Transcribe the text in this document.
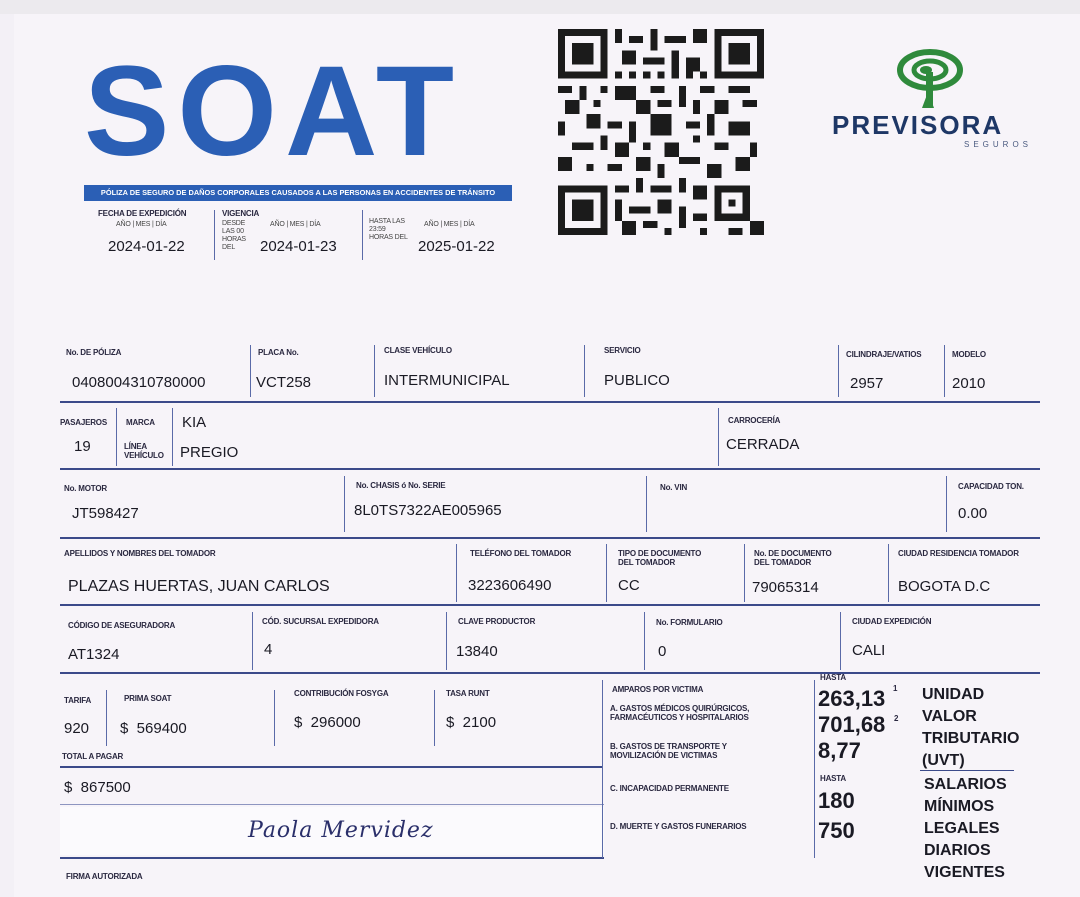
SOAT
PÓLIZA DE SEGURO DE DAÑOS CORPORALES CAUSADOS A LAS PERSONAS EN ACCIDENTES DE TRÁNSITO
FECHA DE EXPEDICIÓN
AÑO | MES | DÍA
2024-01-22
VIGENCIA
DESDE LAS 00 HORAS DEL
AÑO | MES | DÍA
2024-01-23
HASTA LAS 23:59 HORAS DEL
AÑO | MES | DÍA
2025-01-22
PREVISORA
SEGUROS
No. DE PÓLIZA
0408004310780000
PLACA No.
VCT258
CLASE VEHÍCULO
INTERMUNICIPAL
SERVICIO
PUBLICO
CILINDRAJE/VATIOS
2957
MODELO
2010
PASAJEROS
19
MARCA KIA
LÍNEA VEHÍCULO PREGIO
CARROCERÍA
CERRADA
No. MOTOR
JT598427
No. CHASIS ó No. SERIE
8L0TS7322AE005965
No. VIN	CAPACIDAD TON.
0.00
APELLIDOS Y NOMBRES DEL TOMADOR
PLAZAS HUERTAS, JUAN CARLOS
TELÉFONO DEL TOMADOR
3223606490
TIPO DE DOCUMENTO DEL TOMADOR
CC
No. DE DOCUMENTO DEL TOMADOR
79065314
CIUDAD RESIDENCIA TOMADOR
BOGOTA D.C
CÓDIGO DE ASEGURADORA
AT1324
CÓD. SUCURSAL EXPEDIDORA
4
CLAVE PRODUCTOR
13840
No. FORMULARIO
0
CIUDAD EXPEDICIÓN
CALI
TARIFA
920
PRIMA SOAT
$  569400
CONTRIBUCIÓN FOSYGA
$  296000
TASA RUNT
$  2100
TOTAL A PAGAR
$  867500
Paola Mervidez
FIRMA AUTORIZADA
AMPAROS POR VICTIMA
A. GASTOS MÉDICOS QUIRÚRGICOS, FARMACÉUTICOS Y HOSPITALARIOS
B. GASTOS DE TRANSPORTE Y MOVILIZACIÓN DE VICTIMAS
C. INCAPACIDAD PERMANENTE
D. MUERTE Y GASTOS FUNERARIOS
HASTA
263,13 1
701,68 2
8,77
HASTA
180
750
UNIDAD
VALOR
TRIBUTARIO
(UVT)
SALARIOS
MÍNIMOS
LEGALES
DIARIOS
VIGENTES
